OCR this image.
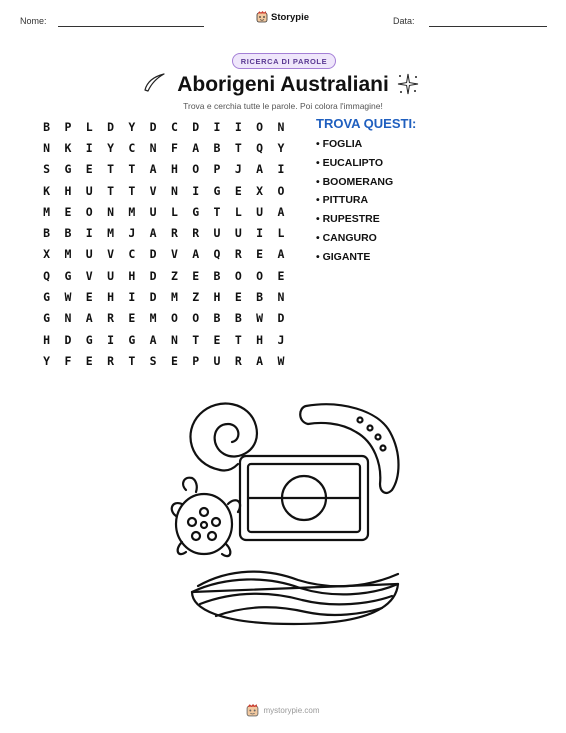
Nome:	Storypie	Data:
RICERCA DI PAROLE
Aborigeni Australiani
Trova e cerchia tutte le parole. Poi colora l'immagine!
B	P	L	D	Y	D	C	D	I	I	O	N
N	K	I	Y	C	N	F	A	B	T	Q	Y
S	G	E	T	T	A	H	O	P	J	A	I
K	H	U	T	T	V	N	I	G	E	X	O
M	E	O	N	M	U	L	G	T	L	U	A
B	B	I	M	J	A	R	R	U	U	I	L
X	M	U	V	C	D	V	A	Q	R	E	A
Q	G	V	U	H	D	Z	E	B	O	O	E
G	W	E	H	I	D	M	Z	H	E	B	N
G	N	A	R	E	M	O	O	B	B	W	D
H	D	G	I	G	A	N	T	E	T	H	J
Y	F	E	R	T	S	E	P	U	R	A	W
TROVA QUESTI:
• FOGLIA
• EUCALIPTO
• BOOMERANG
• PITTURA
• RUPESTRE
• CANGURO
• GIGANTE
mystorypie.com
